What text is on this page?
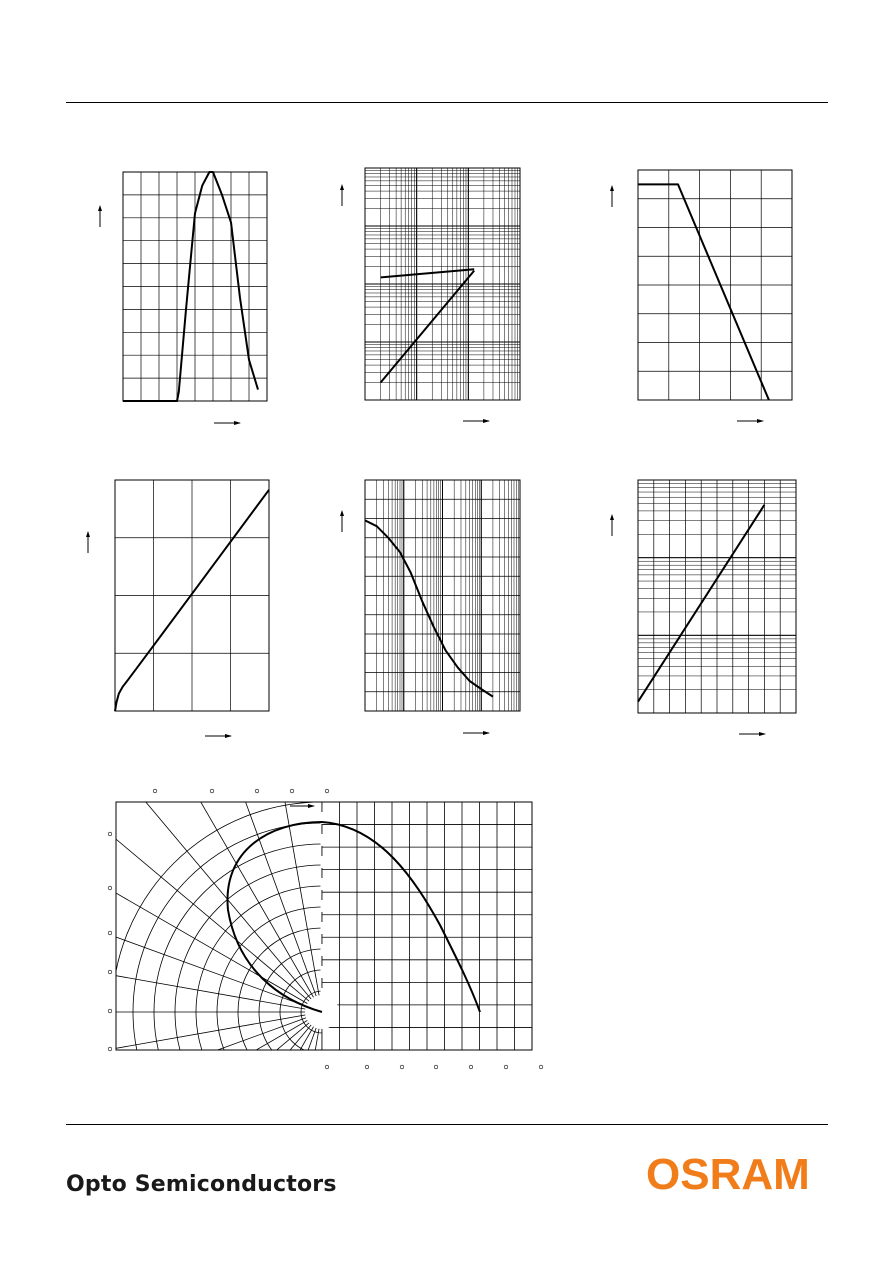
Opto Semiconductors	OSRAM
